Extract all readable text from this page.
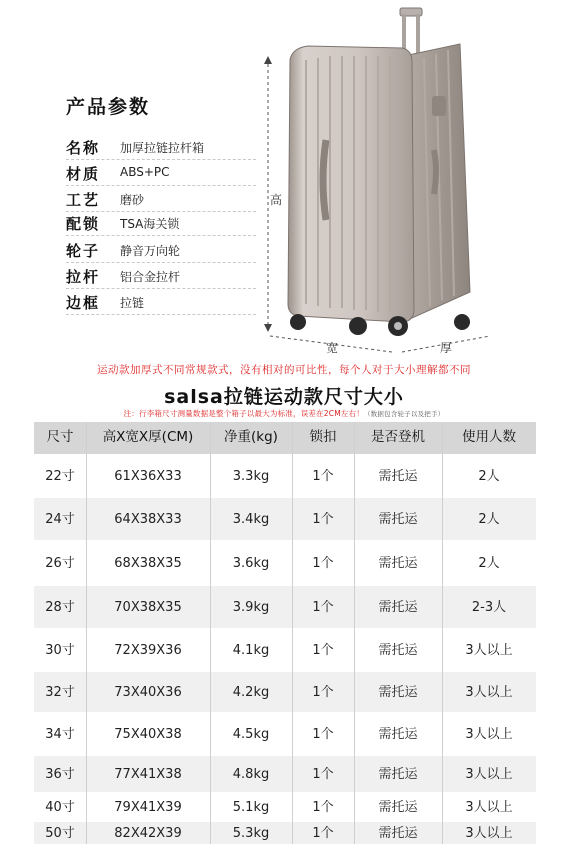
产品参数
名称 加厚拉链拉杆箱
材质 ABS+PC
工艺 磨砂
配锁 TSA海关锁
轮子 静音万向轮
拉杆 铝合金拉杆
边框 拉链
高
宽	厚
运动款加厚式不同常规款式，没有相对的可比性，每个人对于大小理解都不同
salsa拉链运动款尺寸大小
注：行李箱尺寸测量数据是整个箱子以最大为标准，误差在2CM左右！（数据包含轮子以及把手）
尺寸	高X宽X厚(CM)	净重(kg)	锁扣	是否登机	使用人数
22寸	61X36X33	3.3kg	1个	需托运	2人
24寸	64X38X33	3.4kg	1个	需托运	2人
26寸	68X38X35	3.6kg	1个	需托运	2人
28寸	70X38X35	3.9kg	1个	需托运	2-3人
30寸	72X39X36	4.1kg	1个	需托运	3人以上
32寸	73X40X36	4.2kg	1个	需托运	3人以上
34寸	75X40X38	4.5kg	1个	需托运	3人以上
36寸	77X41X38	4.8kg	1个	需托运	3人以上
40寸	79X41X39	5.1kg	1个	需托运	3人以上
50寸	82X42X39	5.3kg	1个	需托运	3人以上
